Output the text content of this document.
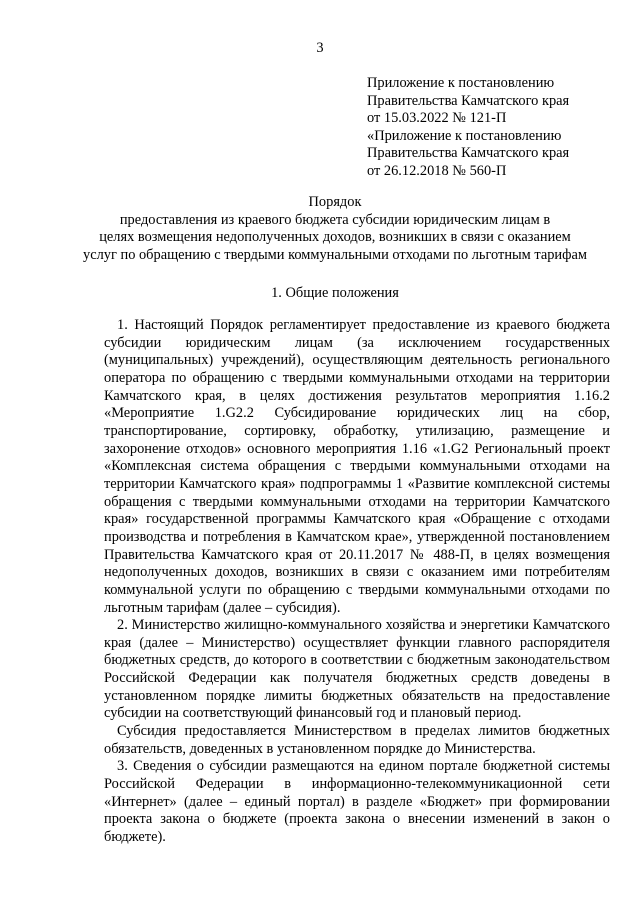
3
Приложение к постановлению
Правительства Камчатского края
от 15.03.2022 № 121-П
«Приложение к постановлению
Правительства Камчатского края
от 26.12.2018 № 560-П
Порядок
предоставления из краевого бюджета субсидии юридическим лицам в
целях возмещения недополученных доходов, возникших в связи с оказанием
услуг по обращению с твердыми коммунальными отходами по льготным тарифам
1. Общие положения

1. Настоящий Порядок регламентирует предоставление из краевого бюджета субсидии юридическим лицам (за исключением государственных (муниципальных) учреждений), осуществляющим деятельность регионального оператора по обращению с твердыми коммунальными отходами на территории Камчатского края, в целях достижения результатов мероприятия 1.16.2 «Мероприятие 1.G2.2 Субсидирование юридических лиц на сбор, транспортирование, сортировку, обработку, утилизацию, размещение и захоронение отходов» основного мероприятия 1.16 «1.G2 Региональный проект «Комплексная система обращения с твердыми коммунальными отходами на территории Камчатского края» подпрограммы 1 «Развитие комплексной системы обращения с твердыми коммунальными отходами на территории Камчатского края» государственной программы Камчатского края «Обращение с отходами производства и потребления в Камчатском крае», утвержденной постановлением Правительства Камчатского края от 20.11.2017 № 488-П, в целях возмещения недополученных доходов, возникших в связи с оказанием ими потребителям коммунальной услуги по обращению с твердыми коммунальными отходами по льготным тарифам (далее – субсидия).

2. Министерство жилищно-коммунального хозяйства и энергетики Камчатского края (далее – Министерство) осуществляет функции главного распорядителя бюджетных средств, до которого в соответствии с бюджетным законодательством Российской Федерации как получателя бюджетных средств доведены в установленном порядке лимиты бюджетных обязательств на предоставление субсидии на соответствующий финансовый год и плановый период.

Субсидия предоставляется Министерством в пределах лимитов бюджетных обязательств, доведенных в установленном порядке до Министерства.

3. Сведения о субсидии размещаются на едином портале бюджетной системы Российской Федерации в информационно-телекоммуникационной сети «Интернет» (далее – единый портал) в разделе «Бюджет» при формировании проекта закона о бюджете (проекта закона о внесении изменений в закон о бюджете).
